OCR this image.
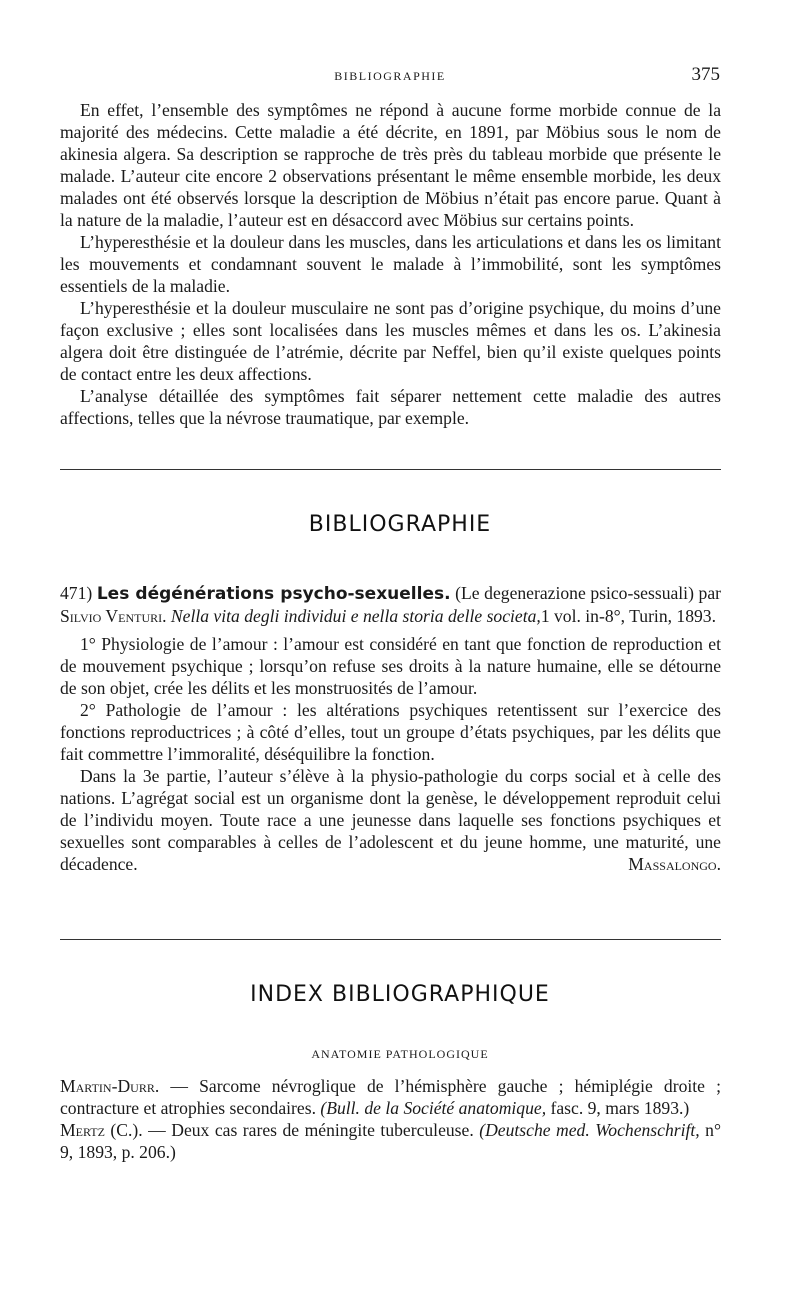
BIBLIOGRAPHIE	375

En effet, l’ensemble des symptômes ne répond à aucune forme morbide connue de la majorité des médecins. Cette maladie a été décrite, en 1891, par Möbius sous le nom de akinesia algera. Sa description se rapproche de très près du tableau morbide que présente le malade. L’auteur cite encore 2 observations présentant le même ensemble morbide, les deux malades ont été observés lorsque la description de Möbius n’était pas encore parue. Quant à la nature de la maladie, l’auteur est en désaccord avec Möbius sur certains points.

L’hyperesthésie et la douleur dans les muscles, dans les articulations et dans les os limitant les mouvements et condamnant souvent le malade à l’immobilité, sont les symptômes essentiels de la maladie.

L’hyperesthésie et la douleur musculaire ne sont pas d’origine psychique, du moins d’une façon exclusive ; elles sont localisées dans les muscles mêmes et dans les os. L’akinesia algera doit être distinguée de l’atrémie, décrite par Neffel, bien qu’il existe quelques points de contact entre les deux affections.

L’analyse détaillée des symptômes fait séparer nettement cette maladie des autres affections, telles que la névrose traumatique, par exemple.

BIBLIOGRAPHIE

471) Les dégénérations psycho-sexuelles. (Le degenerazione psico-sessuali) par Silvio Venturi. Nella vita degli individui e nella storia delle societa,1 vol. in-8°, Turin, 1893.

1° Physiologie de l’amour : l’amour est considéré en tant que fonction de reproduction et de mouvement psychique ; lorsqu’on refuse ses droits à la nature humaine, elle se détourne de son objet, crée les délits et les monstruosités de l’amour.

2° Pathologie de l’amour : les altérations psychiques retentissent sur l’exercice des fonctions reproductrices ; à côté d’elles, tout un groupe d’états psychiques, par les délits que fait commettre l’immoralité, déséquilibre la fonction.

Dans la 3e partie, l’auteur s’élève à la physio-pathologie du corps social et à celle des nations. L’agrégat social est un organisme dont la genèse, le développement reproduit celui de l’individu moyen. Toute race a une jeunesse dans laquelle ses fonctions psychiques et sexuelles sont comparables à celles de l’adolescent et du jeune homme, une maturité, une décadence.	Massalongo.

INDEX BIBLIOGRAPHIQUE
ANATOMIE PATHOLOGIQUE

Martin-Durr. — Sarcome névroglique de l’hémisphère gauche ; hémiplégie droite ; contracture et atrophies secondaires. (Bull. de la Société anatomique, fasc. 9, mars 1893.)

Mertz (C.). — Deux cas rares de méningite tuberculeuse. (Deutsche med. Wochenschrift, n° 9, 1893, p. 206.)
